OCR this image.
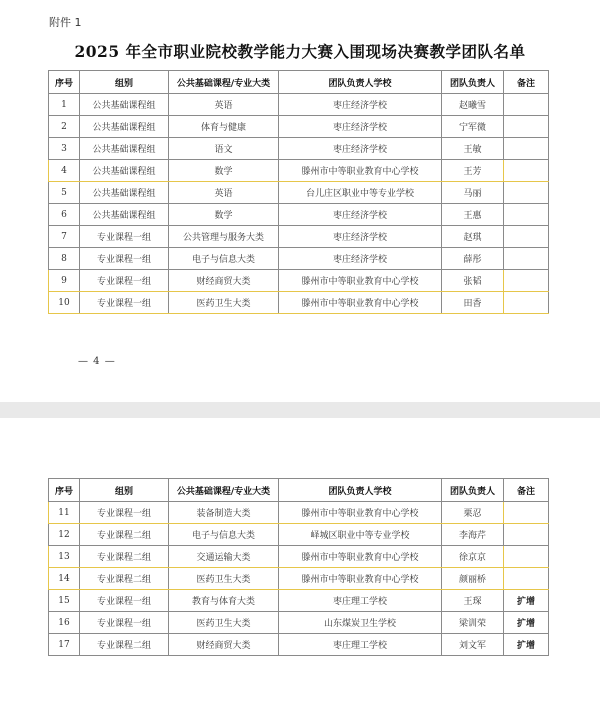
附件 1
2025 年全市职业院校教学能力大赛入围现场决赛教学团队名单
序号	组别	公共基础课程/专业大类	团队负责人学校	团队负责人	备注
1	公共基础课程组	英语	枣庄经济学校	赵曦雪	
2	公共基础课程组	体育与健康	枣庄经济学校	宁军微	
3	公共基础课程组	语文	枣庄经济学校	王敏	
4	公共基础课程组	数学	滕州市中等职业教育中心学校	王芳	
5	公共基础课程组	英语	台儿庄区职业中等专业学校	马丽	
6	公共基础课程组	数学	枣庄经济学校	王惠	
7	专业课程一组	公共管理与服务大类	枣庄经济学校	赵琪	
8	专业课程一组	电子与信息大类	枣庄经济学校	薛彤	
9	专业课程一组	财经商贸大类	滕州市中等职业教育中心学校	张韬	
10	专业课程一组	医药卫生大类	滕州市中等职业教育中心学校	田香	
— 4 —
序号	组别	公共基础课程/专业大类	团队负责人学校	团队负责人	备注
11	专业课程一组	装备制造大类	滕州市中等职业教育中心学校	栗忍	
12	专业课程二组	电子与信息大类	峄城区职业中等专业学校	李海芹	
13	专业课程二组	交通运输大类	滕州市中等职业教育中心学校	徐京京	
14	专业课程二组	医药卫生大类	滕州市中等职业教育中心学校	颜丽桥	
15	专业课程一组	教育与体育大类	枣庄理工学校	王琛	扩增
16	专业课程一组	医药卫生大类	山东煤炭卫生学校	梁训荣	扩增
17	专业课程二组	财经商贸大类	枣庄理工学校	刘文军	扩增
